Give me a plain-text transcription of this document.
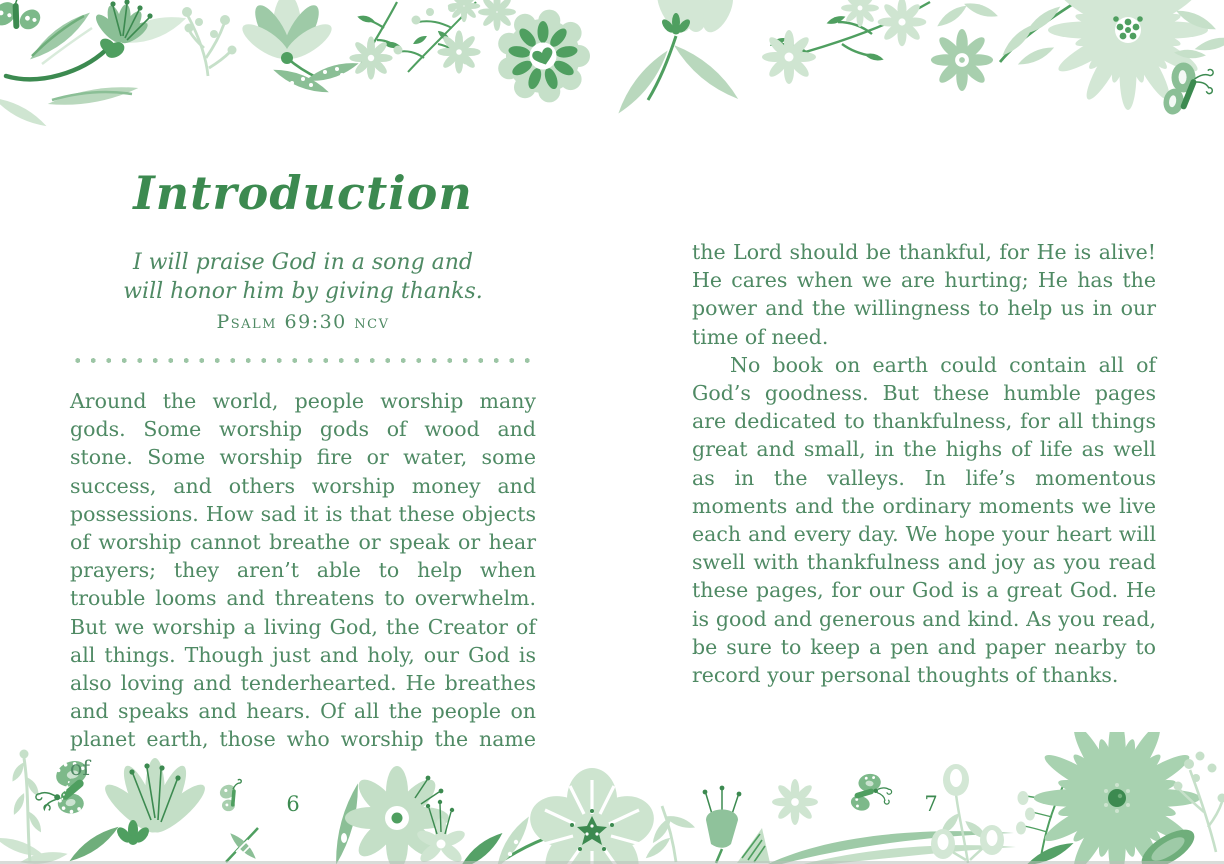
Introduction
I will praise God in a song and
will honor him by giving thanks.
Psalm 69:30 ncv

Around the world, people worship many gods. Some worship gods of wood and stone. Some worship fire or water, some success, and others worship money and possessions. How sad it is that these objects of worship cannot breathe or speak or hear prayers; they aren’t able to help when trouble looms and threatens to overwhelm. But we worship a living God, the Creator of all things. Though just and holy, our God is also loving and tenderhearted. He breathes and speaks and hears. Of all the people on planet earth, those who worship the name of

the Lord should be thankful, for He is alive! He cares when we are hurting; He has the power and the willingness to help us in our time of need.

No book on earth could contain all of God’s goodness. But these humble pages are dedicated to thankfulness, for all things great and small, in the highs of life as well as in the valleys. In life’s momentous moments and the ordinary moments we live each and every day. We hope your heart will swell with thankfulness and joy as you read these pages, for our God is a great God. He is good and generous and kind. As you read, be sure to keep a pen and paper nearby to record your personal thoughts of thanks.

6	7
